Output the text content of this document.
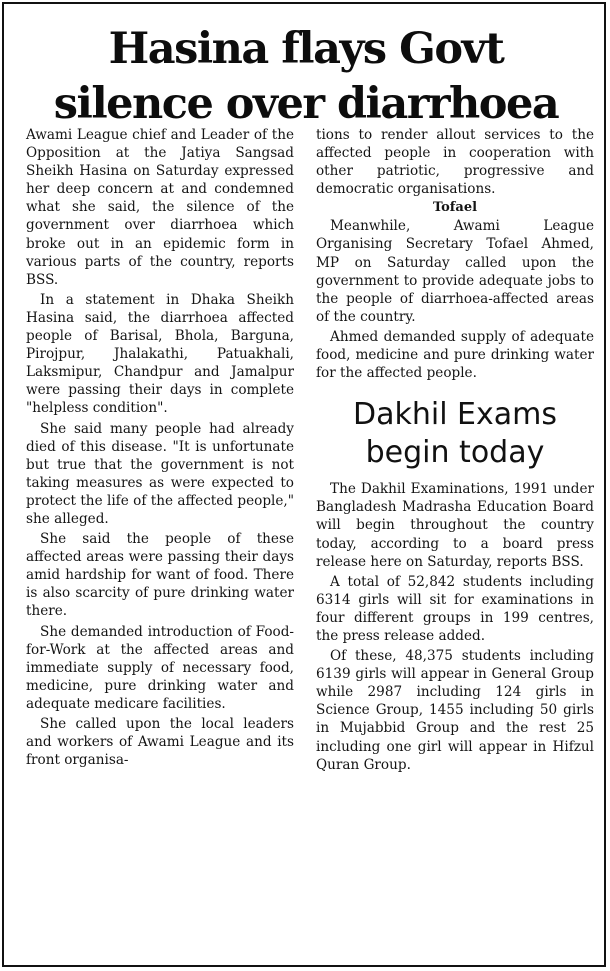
Hasina flays Govt
silence over diarrhoea

Awami League chief and Leader of the Opposition at the Jatiya Sangsad Sheikh Hasina on Saturday expressed her deep concern at and condemned what she said, the silence of the government over diarrhoea which broke out in an epidemic form in various parts of the country, reports BSS.

In a statement in Dhaka Sheikh Hasina said, the diarrhoea affected people of Barisal, Bhola, Barguna, Pirojpur, Jhalakathi, Patuakhali, Laksmipur, Chandpur and Jamalpur were passing their days in complete "helpless condition".

She said many people had already died of this disease. "It is unfortunate but true that the government is not taking measures as were expected to protect the life of the affected people," she alleged.

She said the people of these affected areas were passing their days amid hardship for want of food. There is also scarcity of pure drinking water there.

She demanded introduction of Food-for-Work at the affected areas and immediate supply of necessary food, medicine, pure drinking water and adequate medicare facilities.

She called upon the local leaders and workers of Awami League and its front organisa-

tions to render allout services to the affected people in cooperation with other patriotic, progressive and democratic organisations.

Tofael

Meanwhile, Awami League Organising Secretary Tofael Ahmed, MP on Saturday called upon the government to provide adequate jobs to the people of diarrhoea-affected areas of the country.

Ahmed demanded supply of adequate food, medicine and pure drinking water for the affected people.

Dakhil Exams begin today

The Dakhil Examinations, 1991 under Bangladesh Madrasha Education Board will begin throughout the country today, according to a board press release here on Saturday, reports BSS.

A total of 52,842 students including 6314 girls will sit for examinations in four different groups in 199 centres, the press release added.

Of these, 48,375 students including 6139 girls will appear in General Group while 2987 including 124 girls in Science Group, 1455 including 50 girls in Mujabbid Group and the rest 25 including one girl will appear in Hifzul Quran Group.
